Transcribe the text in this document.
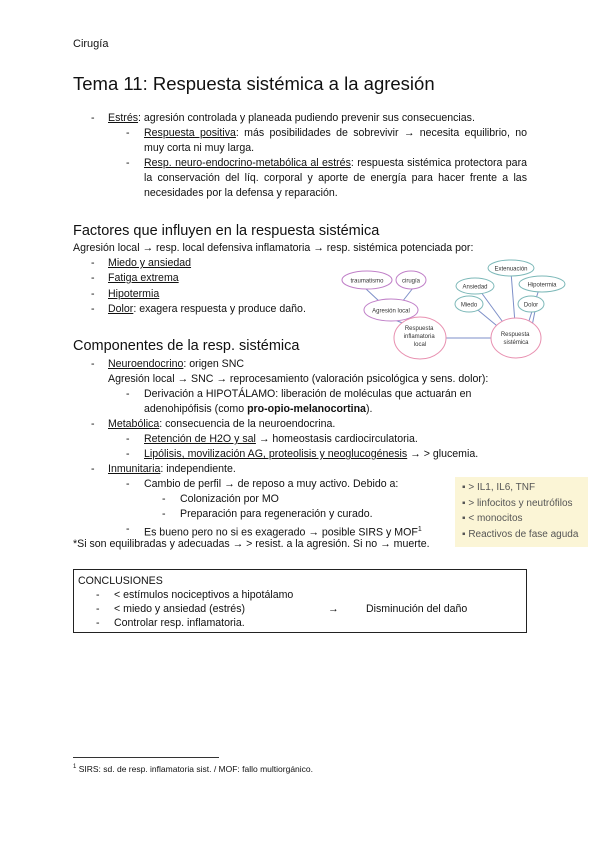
Cirugía
Tema 11: Respuesta sistémica a la agresión
- Estrés: agresión controlada y planeada pudiendo prevenir sus consecuencias.
- Respuesta positiva: más posibilidades de sobrevivir → necesita equilibrio, no muy corta ni muy larga.
- Resp. neuro-endocrino-metabólica al estrés: respuesta sistémica protectora para la conservación del líq. corporal y aporte de energía para hacer frente a las necesidades por la defensa y reparación.
Factores que influyen en la respuesta sistémica
Agresión local → resp. local defensiva inflamatoria → resp. sistémica potenciada por:
- Miedo y ansiedad
- Fatiga extrema
- Hipotermia
- Dolor: exagera respuesta y produce daño.
traumatismo	cirugía
Agresión local
Respuesta inflamatoria local
Extenuación
Ansiedad	Hipotermia
Miedo	Dolor
Respuesta sistémica
Componentes de la resp. sistémica
- Neuroendocrino: origen SNC
Agresión local → SNC → reprocesamiento (valoración psicológica y sens. dolor):
- Derivación a HIPOTÁLAMO: liberación de moléculas que actuarán en
adenohipófisis (como pro-opio-melanocortina).
- Metabólica: consecuencia de la neuroendocrina.
- Retención de H2O y sal → homeostasis cardiocirculatoria.
- Lipólisis, movilización AG, proteolisis y neoglucogénesis → > glucemia.
- Inmunitaria: independiente.
- Cambio de perfil → de reposo a muy activo. Debido a:
- Colonización por MO
- Preparación para regeneración y curado.
- Es bueno pero no si es exagerado → posible SIRS y MOF$^1$
*Si son equilibradas y adecuadas → > resist. a la agresión. Si no → muerte.
▪ > IL1, IL6, TNF
▪ > linfocitos y neutrófilos
▪ < monocitos
▪ Reactivos de fase aguda
CONCLUSIONES
- < estímulos nociceptivos a hipotálamo
- < miedo y ansiedad (estrés)	→	Disminución del daño
- Controlar resp. inflamatoria.
$^1$ SIRS: sd. de resp. inflamatoria sist. / MOF: fallo multiorgánico.
